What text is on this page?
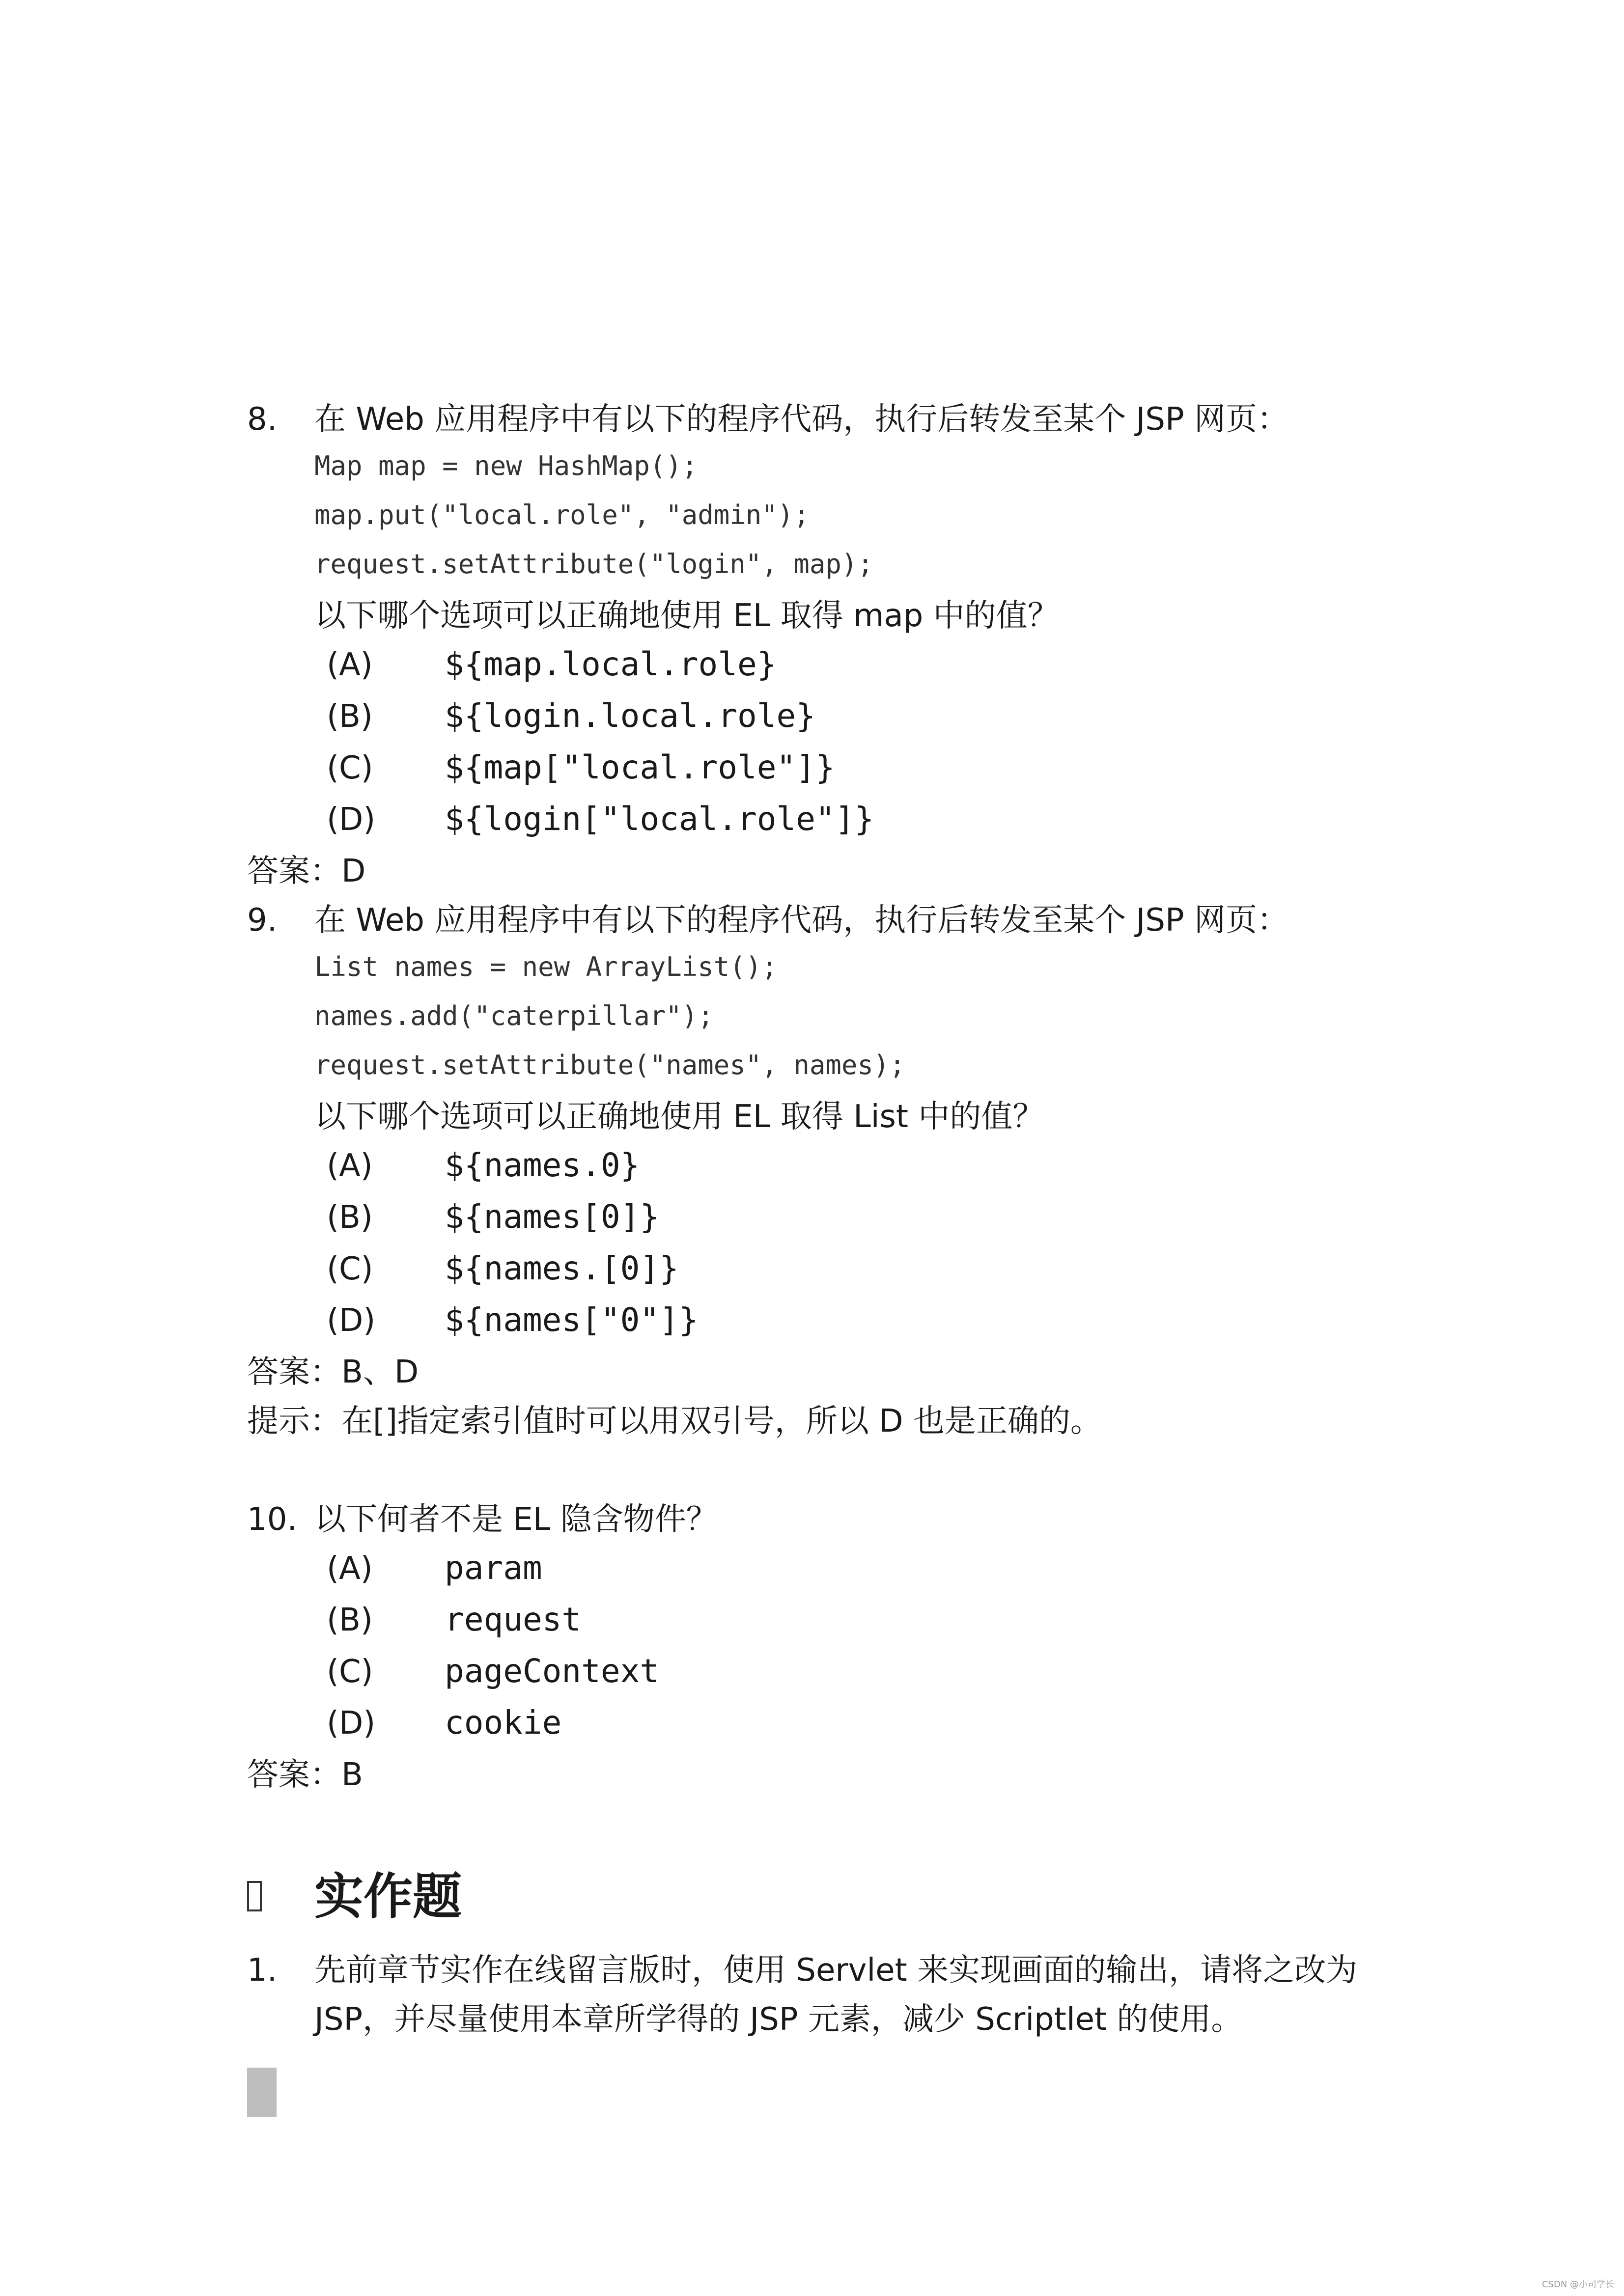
8. 在 Web 应用程序中有以下的程序代码，执行后转发至某个 JSP 网页：
Map map = new HashMap();
map.put("local.role", "admin");
request.setAttribute("login", map);
以下哪个选项可以正确地使用 EL 取得 map 中的值？
(A) ${map.local.role}
(B) ${login.local.role}
(C) ${map["local.role"]}
(D) ${login["local.role"]}
答案：D
9. 在 Web 应用程序中有以下的程序代码，执行后转发至某个 JSP 网页：
List names = new ArrayList();
names.add("caterpillar");
request.setAttribute("names", names);
以下哪个选项可以正确地使用 EL 取得 List 中的值？
(A) ${names.0}
(B) ${names[0]}
(C) ${names.[0]}
(D) ${names["0"]}
答案：B、D
提示：在[]指定索引值时可以用双引号，所以 D 也是正确的。
10. 以下何者不是 EL 隐含物件？
(A) param
(B) request
(C) pageContext
(D) cookie
答案：B
实作题
1. 先前章节实作在线留言版时，使用 Servlet 来实现画面的输出，请将之改为
JSP，并尽量使用本章所学得的 JSP 元素，减少 Scriptlet 的使用。
CSDN @小司学长
